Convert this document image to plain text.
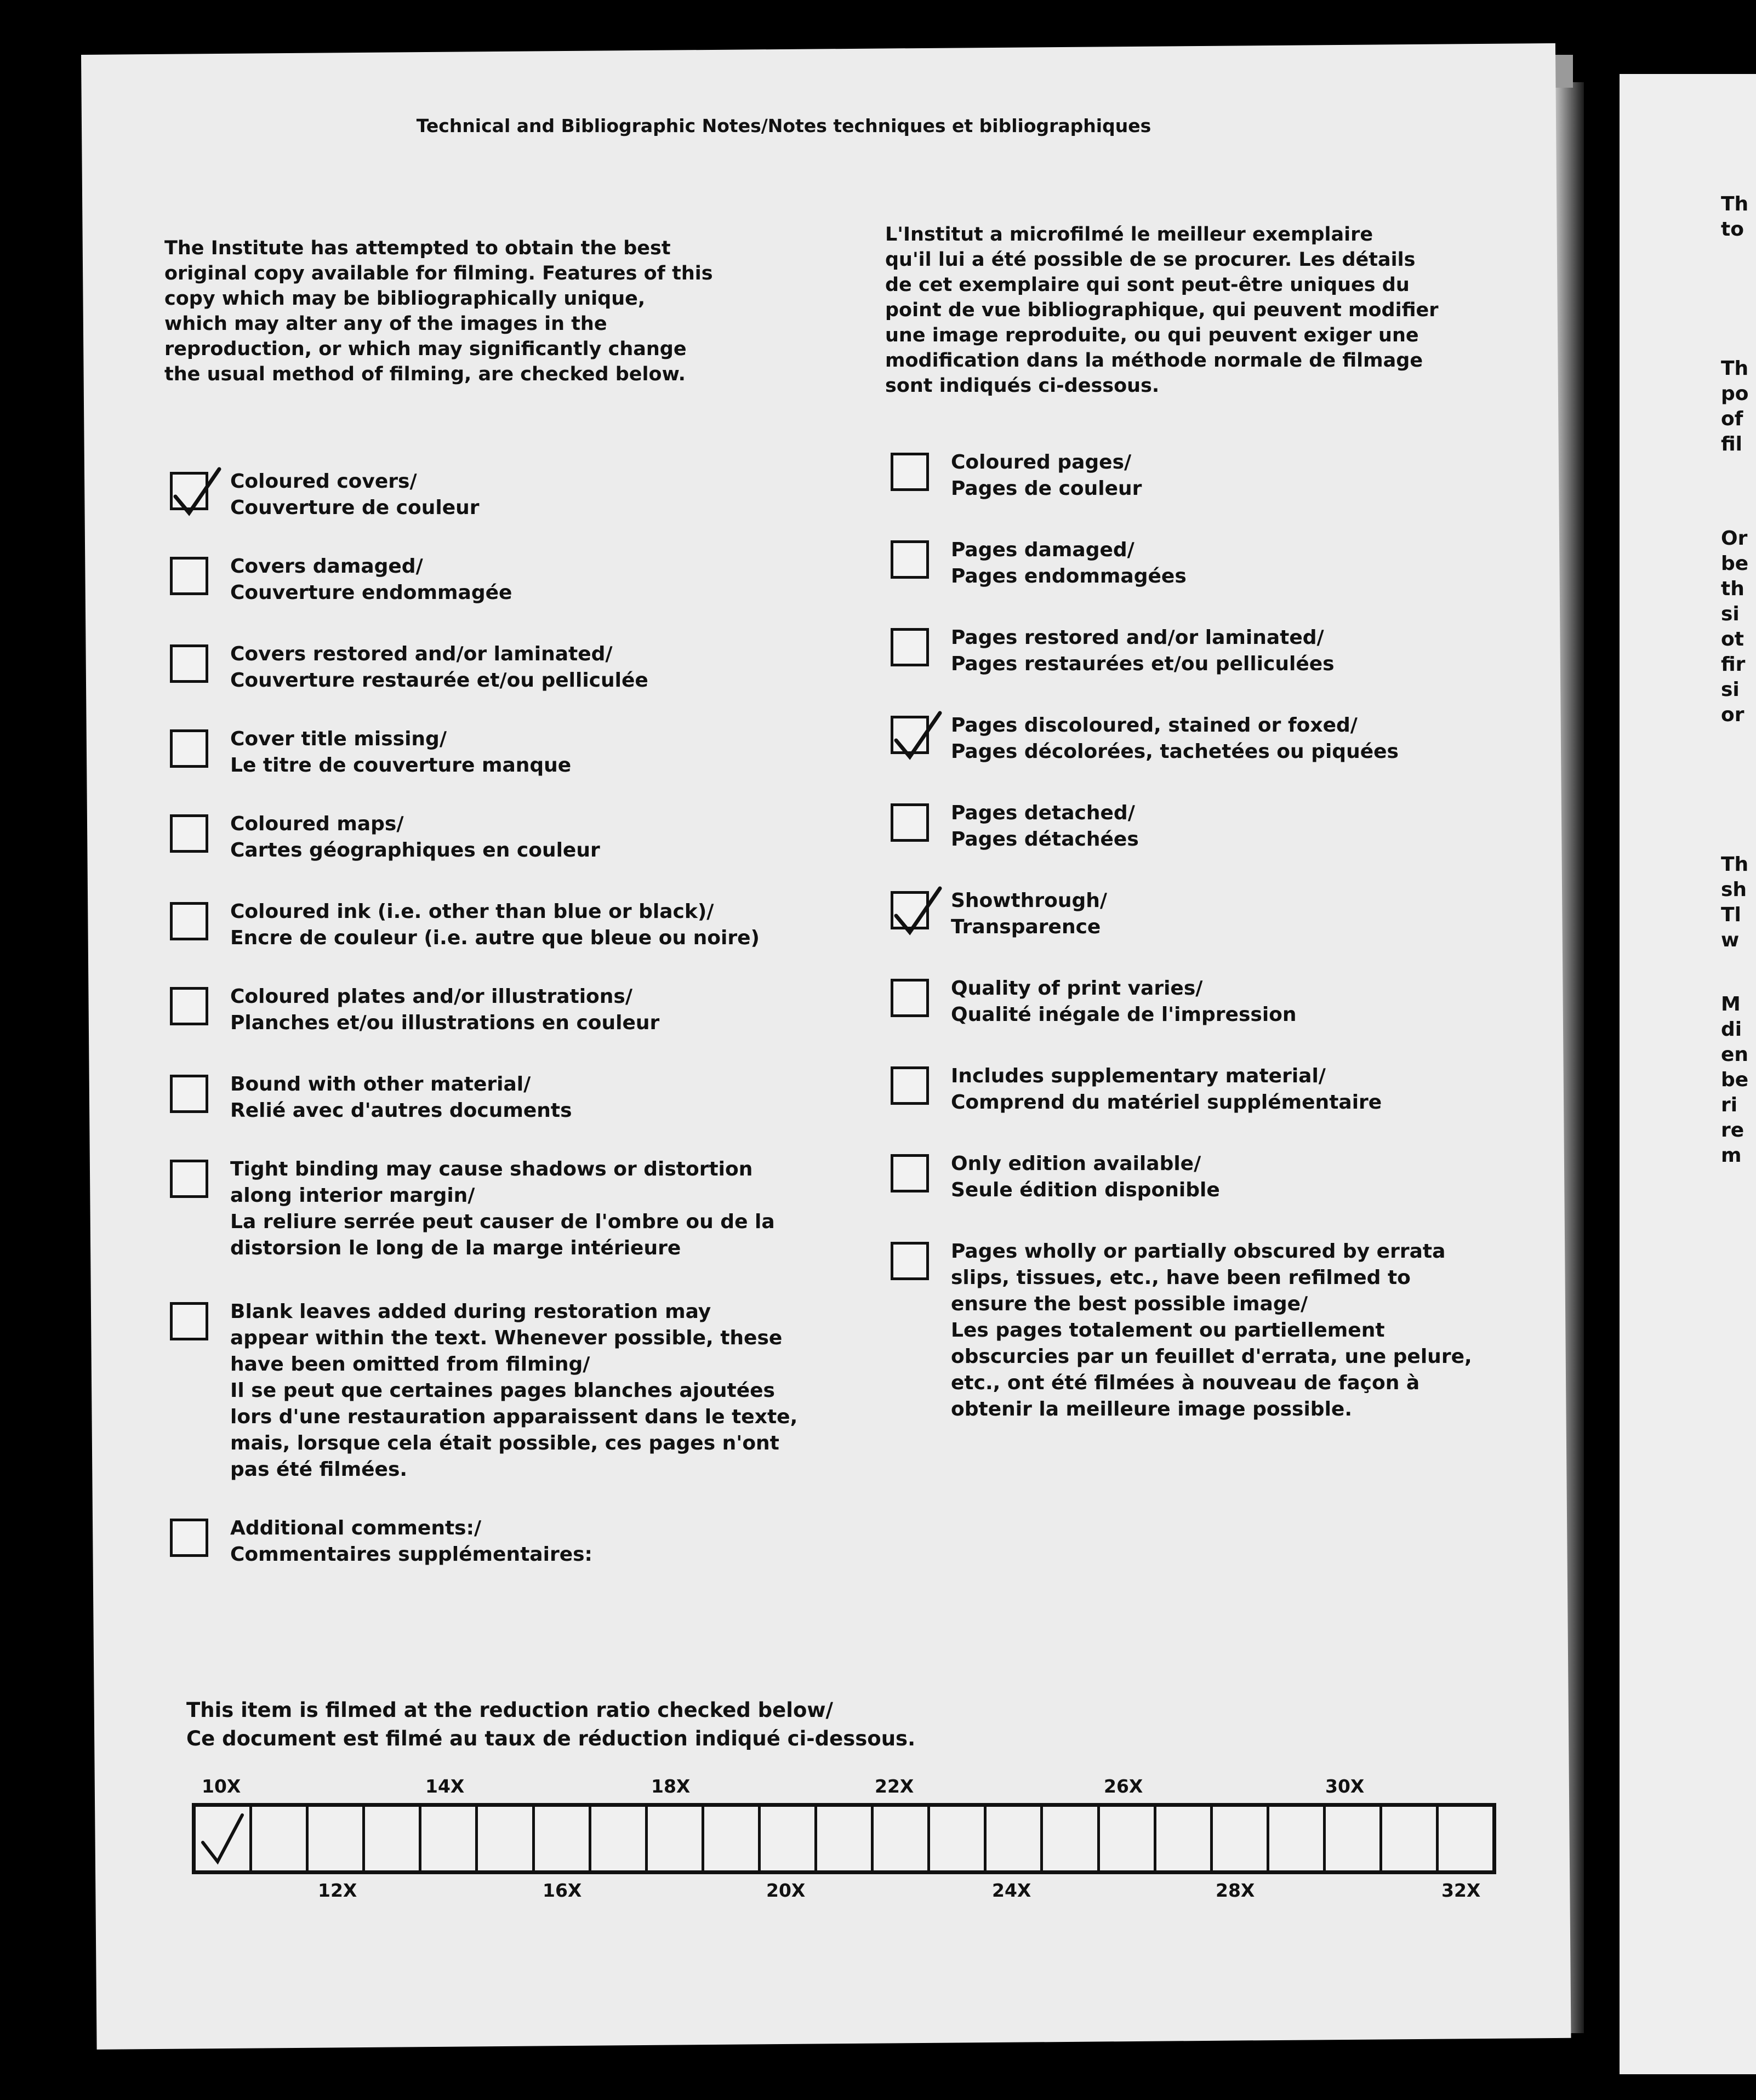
Th
to
Th
po
of
fil
Or
be
th
si
ot
fir
si
or
Th
sh
Tl
w
M
di
en
be
ri
re
m
Technical and Bibliographic Notes/Notes techniques et bibliographiques
The Institute has attempted to obtain the best
original copy available for filming. Features of this
copy which may be bibliographically unique,
which may alter any of the images in the
reproduction, or which may significantly change
the usual method of filming, are checked below.
L'Institut a microfilmé le meilleur exemplaire
qu'il lui a été possible de se procurer. Les détails
de cet exemplaire qui sont peut-être uniques du
point de vue bibliographique, qui peuvent modifier
une image reproduite, ou qui peuvent exiger une
modification dans la méthode normale de filmage
sont indiqués ci-dessous.
Coloured covers/
Couverture de couleur
Covers damaged/
Couverture endommagée
Covers restored and/or laminated/
Couverture restaurée et/ou pelliculée
Cover title missing/
Le titre de couverture manque
Coloured maps/
Cartes géographiques en couleur
Coloured ink (i.e. other than blue or black)/
Encre de couleur (i.e. autre que bleue ou noire)
Coloured plates and/or illustrations/
Planches et/ou illustrations en couleur
Bound with other material/
Relié avec d'autres documents
Tight binding may cause shadows or distortion
along interior margin/
La reliure serrée peut causer de l'ombre ou de la
distorsion le long de la marge intérieure
Blank leaves added during restoration may
appear within the text. Whenever possible, these
have been omitted from filming/
Il se peut que certaines pages blanches ajoutées
lors d'une restauration apparaissent dans le texte,
mais, lorsque cela était possible, ces pages n'ont
pas été filmées.
Additional comments:/
Commentaires supplémentaires:
Coloured pages/
Pages de couleur
Pages damaged/
Pages endommagées
Pages restored and/or laminated/
Pages restaurées et/ou pelliculées
Pages discoloured, stained or foxed/
Pages décolorées, tachetées ou piquées
Pages detached/
Pages détachées
Showthrough/
Transparence
Quality of print varies/
Qualité inégale de l'impression
Includes supplementary material/
Comprend du matériel supplémentaire
Only edition available/
Seule édition disponible
Pages wholly or partially obscured by errata
slips, tissues, etc., have been refilmed to
ensure the best possible image/
Les pages totalement ou partiellement
obscurcies par un feuillet d'errata, une pelure,
etc., ont été filmées à nouveau de façon à
obtenir la meilleure image possible.
This item is filmed at the reduction ratio checked below/
Ce document est filmé au taux de réduction indiqué ci-dessous.
10X	14X	18X	22X	26X	30X
12X	16X	20X	24X	28X	32X
